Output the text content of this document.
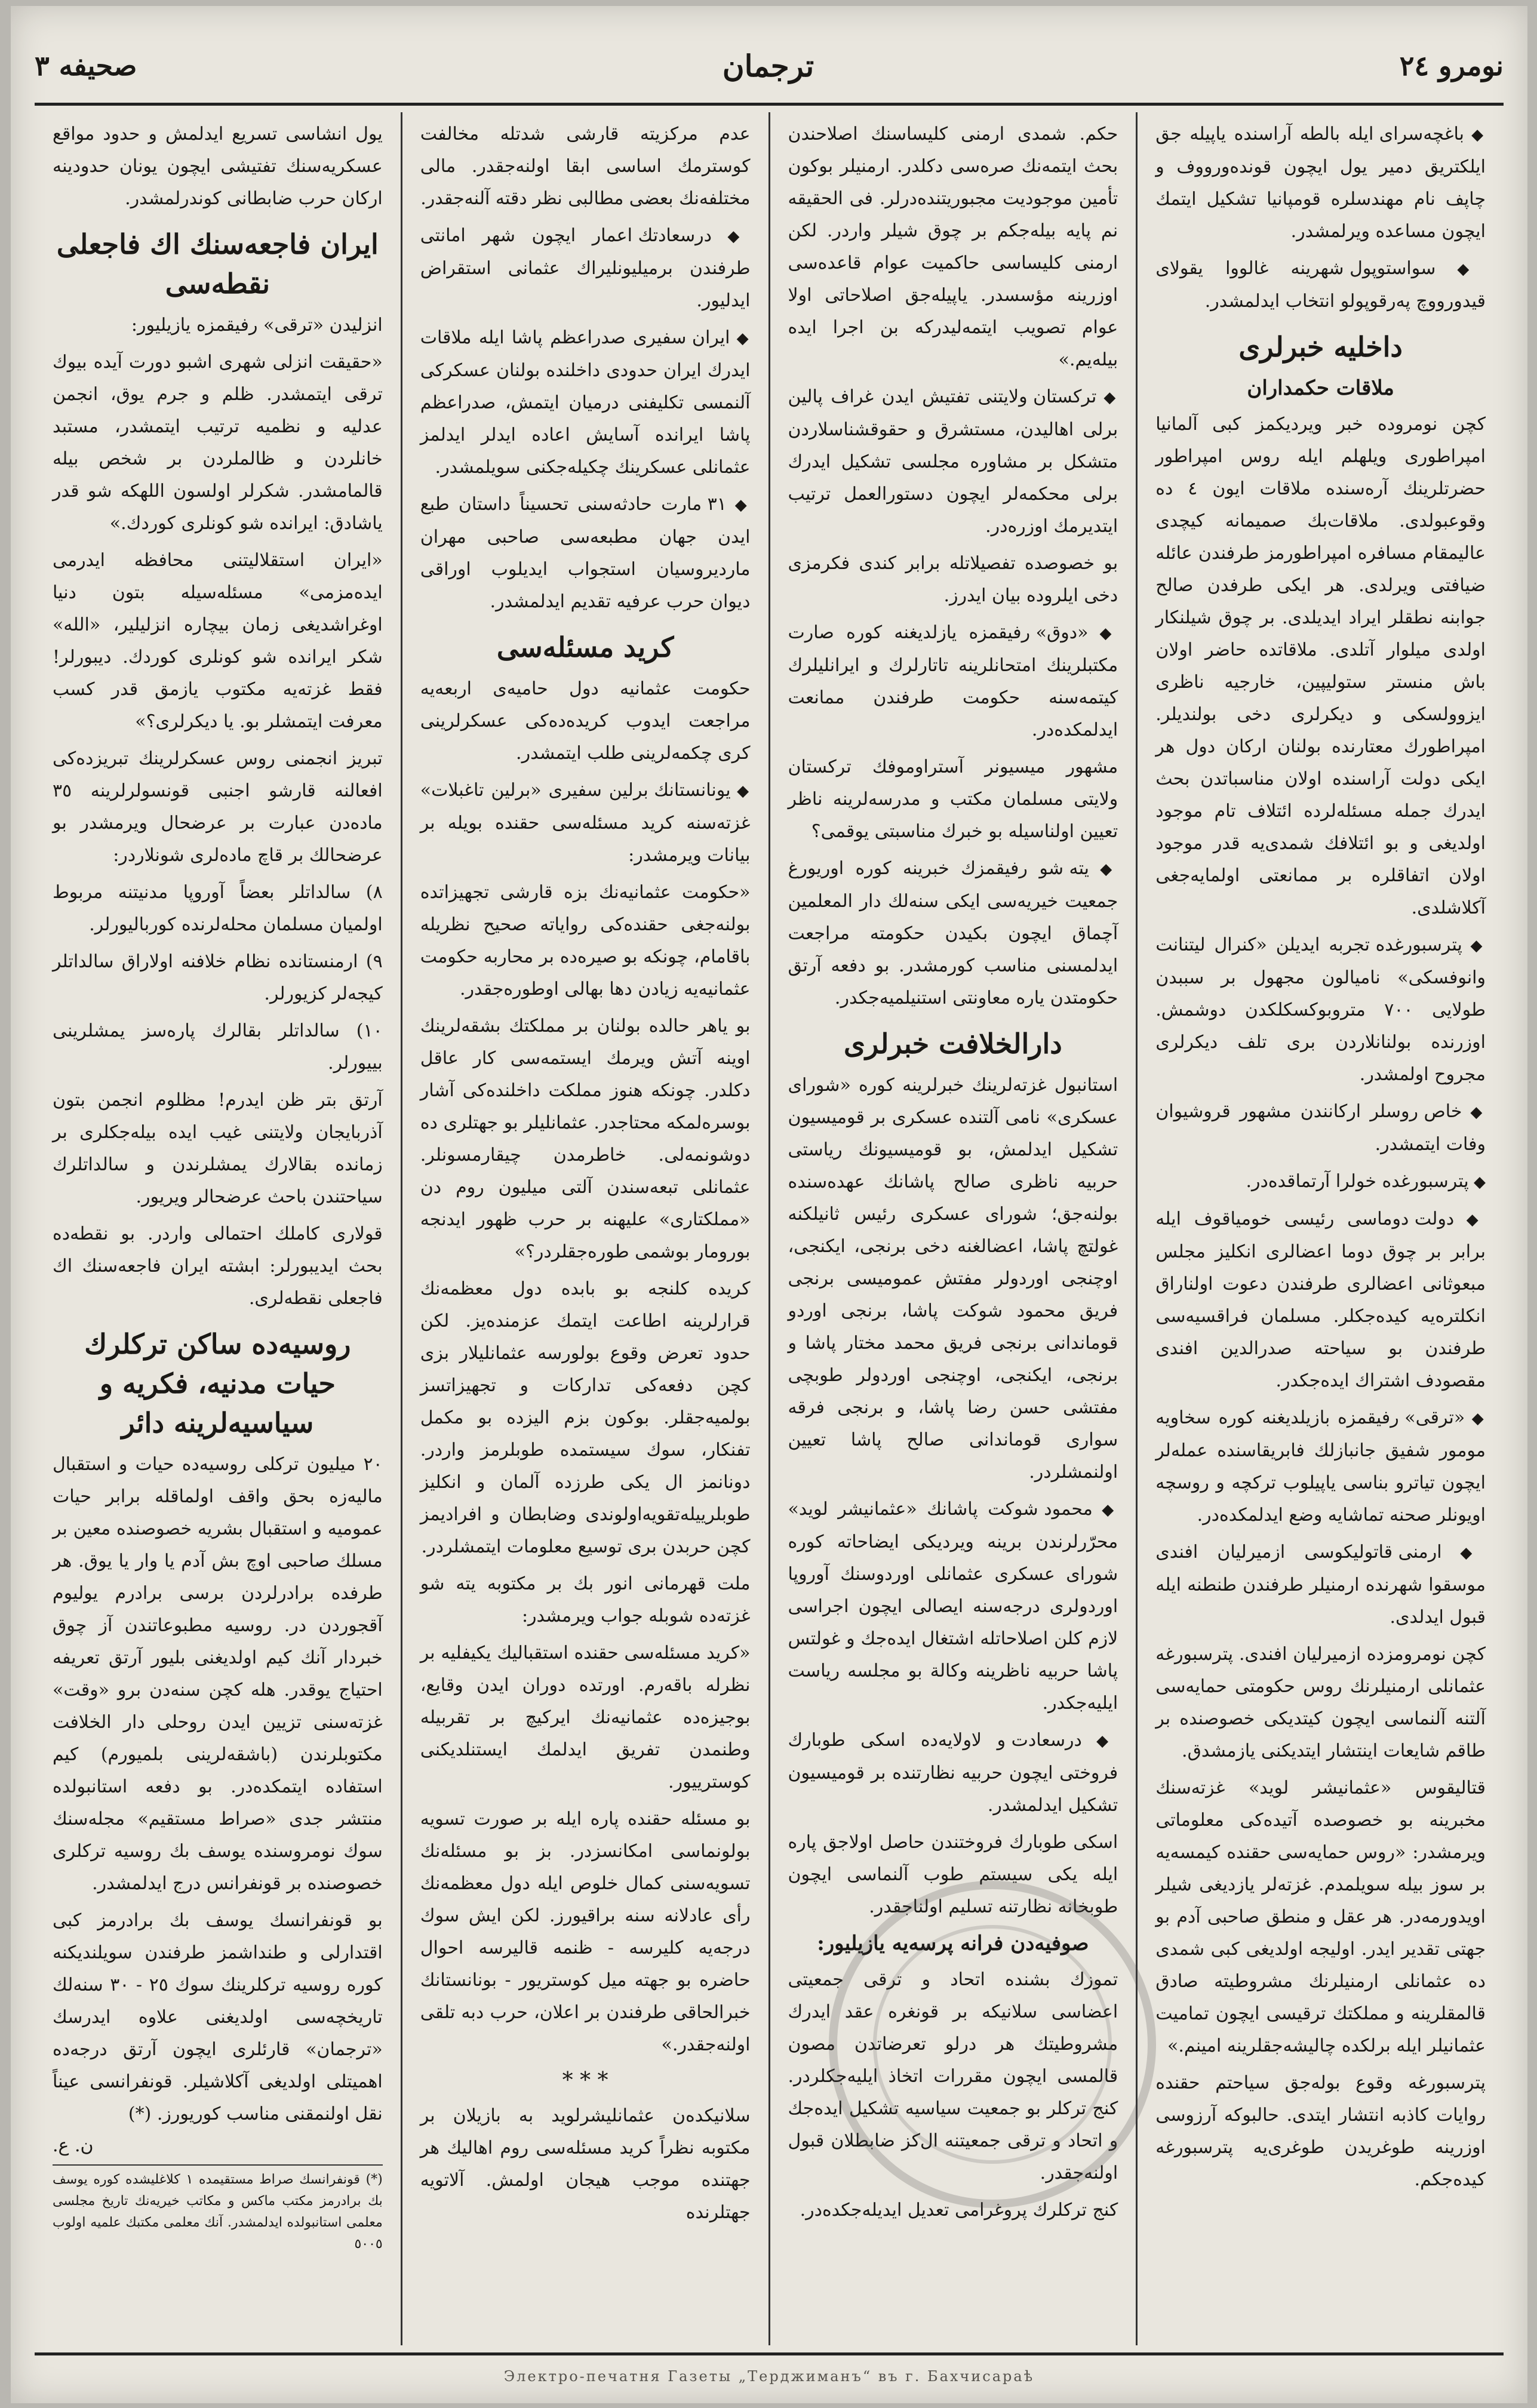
صحيفه ٣	ترجمان	نومرو ٢٤

◆ باغچه‌سرای ایله بالطه آراسنده یاپیله جق ایلکتریق دمیر یول ایچون قونده‌ورووف و چاپف نام مهندسلره قومپانیا تشکیل ایتمك ایچون مساعده ویرلمشدر.

◆ سواستوپول شهرینه غالووا یقولای قیدورووچ پەرقوپولو انتخاب ایدلمشدر.

داخلیه خبرلری
ملاقات حکمداران

کچن نومروده خبر ویردیکمز کبی آلمانیا امپراطوری ویلهلم ایله روس امپراطور حضرتلرینك آرەسنده ملاقات ایون ٤ ده وقوعبولدی. ملاقات‌بك صمیمانه کیچدی عالیمقام مسافره امپراطورمز طرفندن عائله ضیافتی ویرلدی. هر ایکی طرفدن صالح جوابنه نطقلر ایراد ایدیلدی. بر چوق شیلنکار اولدی میلوار آتلدی. ملاقاتده حاضر اولان باش منستر ستولیپین، خارجیه ناظری ایزوولسکی و دیکرلری دخی بولندیلر. امپراطورك معتارنده بولنان ارکان دول هر ایکی دولت آراسنده اولان مناسباتدن بحث ایدرك جمله مسئله‌لرده ائتلاف تام موجود اولدیغی و بو ائتلافك شمدی‌یه قدر موجود اولان اتفاقلره بر ممانعتی اولمایه‌جغی آکلاشلدی.

◆ پترسبورغده تجربه ایدیلن «کنرال لیتنانت وانوفسکی» نامیالون مجهول بر سببدن طولایی ٧٠٠ متروبوکسکلکدن دوشمش. اوزرنده بولنانلاردن بری تلف دیکرلری مجروح اولمشدر.

◆ خاص روسلر ارکانندن مشهور قروشیوان وفات ایتمشدر.

◆ پترسبورغده خولرا آرتماقده‌در.

◆ دولت دوماسی رئیسی خومیاقوف ایله برابر بر چوق دوما اعضالری انکلیز مجلس مبعوثانی اعضالری طرفندن دعوت اولناراق انکلترەیه کیده‌جکلر. مسلمان فراقسیه‌سی طرفندن بو سیاحته صدرالدین افندی مقصودف اشتراك ایده‌جکدر.

◆ «ترقی» رفیقمزه بازیلدیغنه کوره سخاویه مومور شفیق جانبازلك فابریقاسنده عمله‌لر ایچون تیاترو بناسی یاپیلوب ترکچه و روسچه اویونلر صحنه تماشایه وضع ایدلمکده‌در.

◆ ارمنی قاتولیکوسی ازمیرلیان افندی موسقوا شهرنده ارمنیلر طرفندن طنطنه ایله قبول ایدلدی.

کچن نومرومزده ازمیرلیان افندی. پترسبورغه عثمانلی ارمنیلرنك روس حکومتی حمایه‌سی آلتنه آلنماسی ایچون کیتدیکی خصوصنده بر طاقم شایعات اینتشار ایتدیکنی یازمشدق.

قتالیقوس «عثمانیشر لوید» غزته‌سنك مخبرینه بو خصوصده آتیده‌کی معلوماتی ویرمشدر: «روس حمایه‌سی حقنده کیمسه‌یه بر سوز بیله سویلمدم. غزته‌لر یازدیغی شیلر اویدورمه‌در. هر عقل و منطق صاحبی آدم بو جهتی تقدیر ایدر. اولیجه اولدیغی کبی شمدی ده عثمانلی ارمنیلرنك مشروطیته صادق قالمقلرینه و مملکتك ترقیسی ایچون تمامیت عثمانیلر ایله برلکده چالیشه‌جقلرینه امینم.»

پترسبورغه وقوع بوله‌جق سیاحتم حقنده روایات کاذبه انتشار ایتدی. حالبوکه آرزوسی اوزرینه طوغریدن طوغری‌یه پترسبورغه کیده‌جکم.

حکم. شمدی ارمنی کلیساسنك اصلاحندن بحث ایتمه‌نك صرەسی دکلدر. ارمنیلر بوکون تأمین موجودیت مجبوریتنده‌درلر. فی الحقیقه نم پایه بیله‌جکم بر چوق شیلر واردر. لکن ارمنی کلیساسی حاکمیت عوام قاعده‌سی اوزرینه مؤسسدر. یاپیله‌جق اصلاحاتی اولا عوام تصویب ایتمه‌لیدرکه بن اجرا ایده بیله‌یم.»

◆ ترکستان ولایتنی تفتیش ایدن غراف پالین برلی اهالیدن، مستشرق و حقوقشناسلاردن متشکل بر مشاوره مجلسی تشکیل ایدرك برلی محکمه‌لر ایچون دستورالعمل ترتیب ایتدیرمك اوزره‌در.

بو خصوصده تفصیلاتله برابر کندی فکرمزی دخی ایلروده بیان ایدرز.

◆ «دوق» رفیقمزه یازلدیغنه کوره صارت مکتبلرینك امتحانلرینه تاتارلرك و ایرانلیلرك کیتمه‌سنه حکومت طرفندن ممانعت ایدلمکده‌در.

مشهور میسیونر آستراوموفك ترکستان ولایتی مسلمان مکتب و مدرسه‌لرینه ناظر تعیین اولناسیله بو خبرك مناسبتی یوقمی؟

◆ یته شو رفیقمزك خبرینه کوره اوریورغ جمعیت خیریه‌سی ایکی سنه‌لك دار المعلمین آچماق ایچون بکیدن حکومته مراجعت ایدلمسنی مناسب کورمشدر. بو دفعه آرتق حکومتدن یاره معاونتی استنیلمیه‌جکدر.

دارالخلافت خبرلری

استانبول غزته‌لرینك خبرلرینه کوره «شورای عسکری» نامی آلتنده عسکری بر قومیسیون تشکیل ایدلمش، بو قومیسیونك ریاستی حربیه ناظری صالح پاشانك عهده‌سنده بولنه‌جق؛ شورای عسکری رئیس ثانیلکنه غولتچ پاشا، اعضالغنه دخی برنجی، ایکنجی، اوچنجی اوردولر مفتش عمومیسی برنجی فریق محمود شوکت پاشا، برنجی اوردو قوماندانی برنجی فریق محمد مختار پاشا و برنجی، ایکنجی، اوچنجی اوردولر طوبچی مفتشی حسن رضا پاشا، و برنجی فرقه سواری قوماندانی صالح پاشا تعیین اولنمشلردر.

◆ محمود شوکت پاشانك «عثمانیشر لوید» محرّرلرندن برینه ویردیکی ایضاحاته کوره شورای عسکری عثمانلی اوردوسنك آوروپا اوردولری درجه‌سنه ایصالی ایچون اجراسی لازم کلن اصلاحاتله اشتغال ایده‌جك و غولتس پاشا حربیه ناظرینه وکالة بو مجلسه ریاست ایلیه‌جکدر.

◆ درسعادت و لاولایه‌ده اسکی طوبارك فروختی ایچون حربیه نظارتنده بر قومیسیون تشکیل ایدلمشدر.

اسکی طوبارك فروختندن حاصل اولاجق پاره ایله یکی سیستم طوب آلنماسی ایچون طوبخانه نظارتنه تسلیم اولناجقدر.

صوفیه‌دن فرانه پرسه‌یه یازیلیور:

تموزك بشنده اتحاد و ترقی جمعیتی اعضاسی سلانیکه بر قونغره عقد ایدرك مشروطیتك هر درلو تعرضاتدن مصون قالمسی ایچون مقررات اتخاذ ایلیه‌جکلردر. کنج ترکلر بو جمعیت سیاسیه تشکیل ایده‌جك و اتحاد و ترقی جمعیتنه ال‌کز ضابطلان قبول اولنه‌جقدر.

کنج ترکلرك پروغرامی تعدیل ایدیله‌جکده‌در.

عدم مرکزیته قارشی شدتله مخالفت کوسترمك اساسی ابقا اولنه‌جقدر. مالی مختلفه‌نك بعضی مطالبی نظر دقته آلنه‌جقدر.

◆ درسعادتك اعمار ایچون شهر امانتی طرفندن برمیلیونلیراك عثمانی استقراض ایدلیور.

◆ ایران سفیری صدراعظم پاشا ایله ملاقات ایدرك ایران حدودی داخلنده بولنان عسکرکی آلنمسی تکلیفنی درمیان ایتمش، صدراعظم پاشا ایرانده آسایش اعاده ایدلر ایدلمز عثمانلی عسکرینك چکیله‌جکنی سویلمشدر.

◆ ٣١ مارت حادثه‌سنی تحسیناً داستان طبع ایدن جهان مطبعه‌سی صاحبی مهران ماردیروسیان استجواب ایدیلوب اوراقی دیوان حرب عرفیه تقدیم ایدلمشدر.

کرید مسئله‌سی

حکومت عثمانیه دول حامیه‌ی اربعه‌یه مراجعت ایدوب کریده‌ده‌کی عسکرلرینی کری چکمەلرینی طلب ایتمشدر.

◆ یونانستانك برلین سفیری «برلین تاغبلات» غزته‌سنه کرید مسئله‌سی حقنده بویله بر بیانات ویرمشدر:

«حکومت عثمانیه‌نك بزه قارشی تجهیزاتده بولنه‌جغی حقنده‌کی روایاته صحیح نظریله باقامام، چونکه بو صیره‌ده بر محاربه حکومت عثمانیه‌یه زیادن دها بهالی اوطوره‌جقدر.

بو یاهر حالده بولنان بر مملکتك بشقه‌لرینك اوینه آتش ویرمك ایستمه‌سی کار عاقل دکلدر. چونکه هنوز مملکت داخلنده‌کی آشار بوسره‌لمکه محتاجدر. عثمانلیلر بو جهتلری ده دوشونمه‌لی. خاطرمدن چیقارمسونلر. عثمانلی تبعه‌سندن آلتی میلیون روم دن «مملکتاری» علیهنه بر حرب ظهور ایدنجه بورومار بوشمی طوره‌جقلردر؟»

کریده کلنجه بو بابده دول معظمه‌نك قرارلرینه اطاعت ایتمك عزمنده‌یز. لکن حدود تعرض وقوع بولورسه عثمانلیلار بزی کچن دفعه‌کی تدارکات و تجهیزاتسز بولمیه‌جقلر. بوکون بزم الیزده بو مکمل تفنکار، سوك سیستمده طوبلرمز واردر. دونانمز ال یکی طرزده آلمان و انکلیز طوبلرییله‌تقویه‌اولوندی وضابطان و افرادیمز کچن حربدن بری توسیع معلومات ایتمشلردر.

ملت قهرمانی انور بك بر مکتوبه یته شو غزته‌ده شوبله جواب ویرمشدر:

«کرید مسئله‌سی حقنده استقبالیك یکیفلیه بر نظرله باقه‌رم. اورتده دوران ایدن وقایع، بوجیزه‌ده عثمانیه‌نك ایرکیچ بر تقربیله وطنمدن تفریق ایدلمك ایستنلدیکنی کوسترییور.

بو مسئله حقنده پاره ایله بر صورت تسویه بولونماسی امکانسزدر. بز بو مسئله‌نك تسویه‌سنی کمال خلوص ایله دول معظمه‌نك رأی عادلانه سنه براقیورز. لکن ایش سوك درجه‌یه کلیرسه - ظنمه قالیرسه احوال حاضره بو جهته میل کوستریور - بونانستانك خبرالحاقی طرفندن بر اعلان، حرب دبه تلقی اولنه‌جقدر.»

* * *

سلانیکده‌ن عثمانلیشرلوید بە بازیلان بر مکتوبه نظراً کرید مسئله‌سی روم اهالیك هر جهتنده موجب هیجان اولمش. آلاتویه جهتلرنده

یول انشاسی تسریع ایدلمش و حدود مواقع عسکریه‌سنك تفتیشی ایچون یونان حدودینه ارکان حرب ضابطانی کوندرلمشدر.

ایران فاجعه‌سنك اك فاجعلی نقطه‌سی

انزلیدن «ترقی» رفیقمزه یازیلیور:

«حقیقت انزلی شهری اشبو دورت آیده بیوك ترقی ایتمشدر. ظلم و جرم یوق، انجمن عدلیه و نظمیه ترتیب ایتمشدر، مستبد خانلردن و ظالملردن بر شخص بیله قالمامشدر. شکرلر اولسون اللهکه شو قدر یاشادق: ایرانده شو کونلری کوردك.»

«ایران استقلالیتنی محافظه ایدرمی ایده‌مزمی» مسئله‌سیله بتون دنیا اوغراشدیغی زمان بیچاره انزلیلیر، «الله» شکر ایرانده شو کونلری کوردك. دیبورلر! فقط غزته‌یه مکتوب یازمق قدر کسب معرفت ایتمشلر بو. یا دیکرلری؟»

تبریز انجمنی روس عسکرلرینك تبریزده‌کی افعالنه قارشو اجنبی قونسولرلرینه ٣٥ ماده‌دن عبارت بر عرضحال ویرمشدر بو عرضحالك بر قاچ ماده‌لری شونلاردر:

٨) سالداتلر بعضاً آوروپا مدنیتنه مربوط اولمیان مسلمان محله‌لرنده کوربالیورلر.

٩) ارمنستانده نظام خلافنه اولاراق سالداتلر کیجه‌لر کزیورلر.

١٠) سالداتلر بقالرك پارەسز یمشلرینی بییورلر.

آرتق بتر ظن ایدرم! مظلوم انجمن بتون آذربایجان ولایتنی غیب ایده بیله‌جکلری بر زمانده بقالارك یمشلرندن و سالداتلرك سیاحتندن باحث عرضحالر ویریور.

قولاری کاملك احتمالی واردر. بو نقطه‌ده بحث ایدیبورلر: ابشته ایران فاجعه‌سنك اك فاجعلی نقطه‌لری.

روسیه‌ده ساکن ترکلرك حیات مدنیه، فکریه و سیاسیه‌لرینه دائر

٢٠ میلیون ترکلی روسیه‌ده حیات و استقبال مالیه‌زه بحق واقف اولماقله برابر حیات عمومیه و استقبال بشریه خصوصنده معین بر مسلك صاحبی اوچ بش آدم یا وار یا یوق. هر طرفده برادرلردن برسی برادرم یولیوم آقجوردن در. روسیه مطبوعاتندن آز چوق خبردار آنك کیم اولدیغنی بلیور آرتق تعریفه احتیاج یوقدر. هله کچن سنه‌دن برو «وقت» غزته‌سنی تزیین ایدن روحلی دار الخلافت مکتوبلرندن (باشقه‌لرینی بلمیورم) کیم استفاده ایتمکده‌در. بو دفعه استانبولده منتشر جدی «صراط مستقیم» مجله‌سنك سوك نومروسنده یوسف بك روسیه ترکلری خصوصنده بر قونفرانس درج ایدلمشدر.

بو قونفرانسك یوسف بك برادرمز کبی اقتدارلی و طنداشمز طرفندن سویلندیکنه کوره روسیه ترکلرینك سوك ٢٥ - ٣٠ سنه‌لك تاریخچه‌سی اولدیغنی علاوه ایدرسك «ترجمان» قارئلری ایچون آرتق درجه‌ده اهمیتلی اولدیغی آکلاشیلر. قونفرانسی عیناً نقل اولنمقنی مناسب کوریورز. (*)

ن. ع.

(*) قونفرانسك صراط مستقیمده ١ کلاغلیشده کوره یوسف بك برادرمز مکتب ماکس و مکاتب خیریه‌نك تاریخ مجلسی معلمی استانبولده ایدلمشدر. آنك معلمی مکتبك علمیه اولوب ٥٠٠٥

Электро-печатня Газеты „Терджиманъ“ въ г. Бахчисараѣ
